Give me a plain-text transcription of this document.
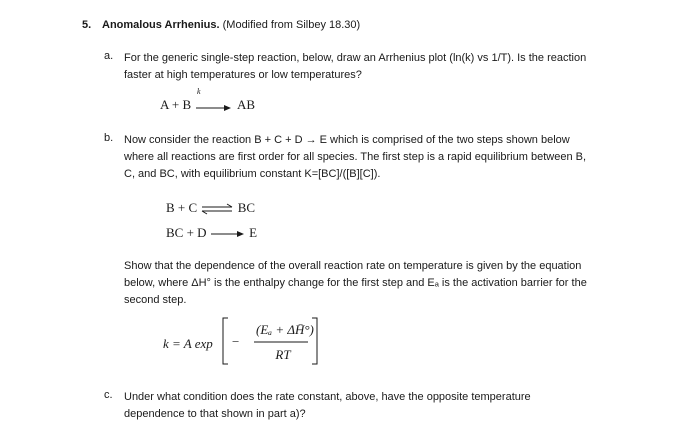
5. Anomalous Arrhenius. (Modified from Silbey 18.30)
a. For the generic single-step reaction, below, draw an Arrhenius plot (ln(k) vs 1/T). Is the reaction
faster at high temperatures or low temperatures?
A + B → AB
k
b. Now consider the reaction B + C + D → E which is comprised of the two steps shown below
where all reactions are first order for all species. The first step is a rapid equilibrium between B,
C, and BC, with equilibrium constant K=[BC]/([B][C]).
B + C ⇌ BC
BC + D → E
Show that the dependence of the overall reaction rate on temperature is given by the equation
below, where ΔH° is the enthalpy change for the first step and Eₐ is the activation barrier for the
second step.
k = A exp −
(Eₐ + ΔH̄°)
RT
c. Under what condition does the rate constant, above, have the opposite temperature
dependence to that shown in part a)?
